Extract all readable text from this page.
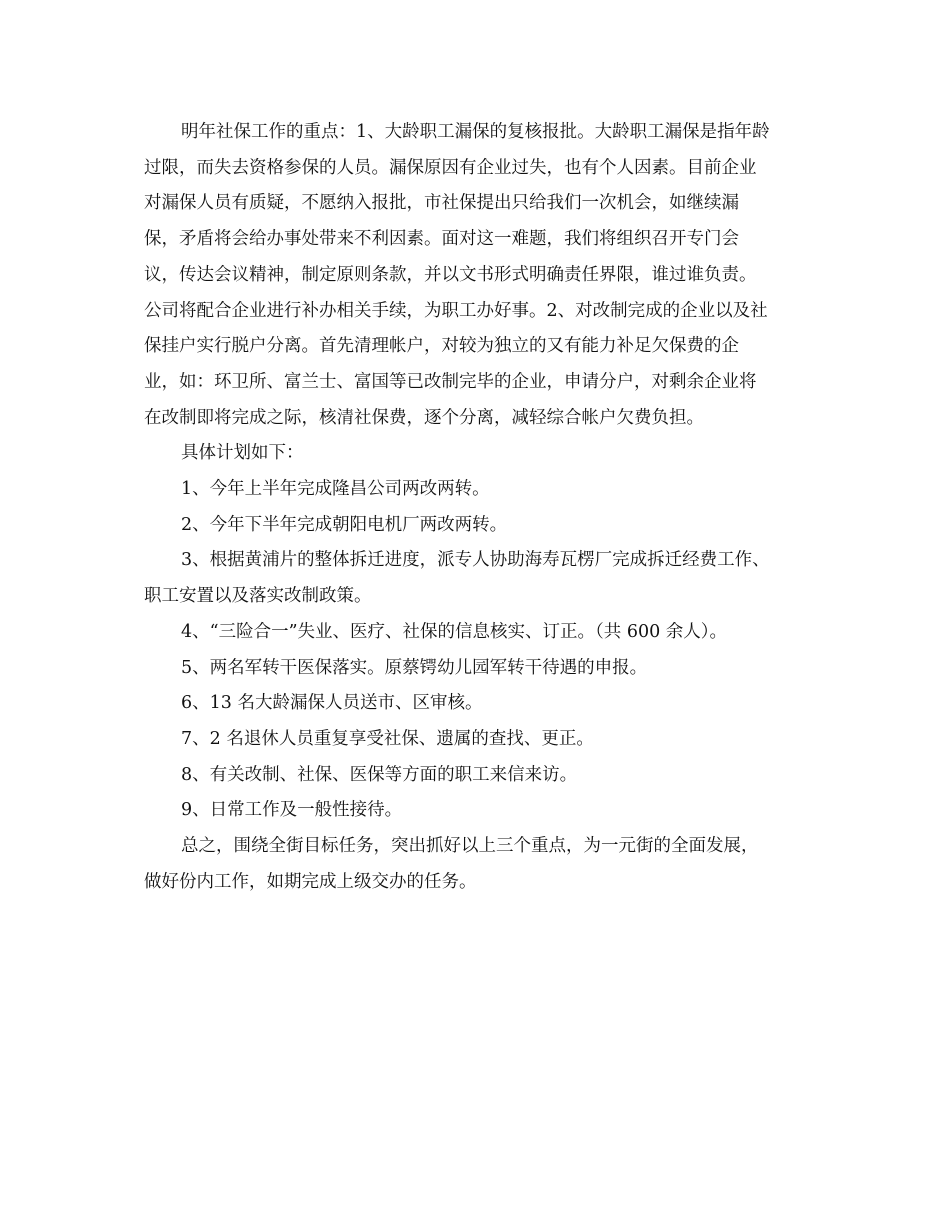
明年社保工作的重点：1、大龄职工漏保的复核报批。大龄职工漏保是指年龄
过限，而失去资格参保的人员。漏保原因有企业过失，也有个人因素。目前企业
对漏保人员有质疑，不愿纳入报批，市社保提出只给我们一次机会，如继续漏
保，矛盾将会给办事处带来不利因素。面对这一难题，我们将组织召开专门会
议，传达会议精神，制定原则条款，并以文书形式明确责任界限，谁过谁负责。
公司将配合企业进行补办相关手续，为职工办好事。2、对改制完成的企业以及社
保挂户实行脱户分离。首先清理帐户，对较为独立的又有能力补足欠保费的企
业，如：环卫所、富兰士、富国等已改制完毕的企业，申请分户，对剩余企业将
在改制即将完成之际，核清社保费，逐个分离，减轻综合帐户欠费负担。

具体计划如下：

1、今年上半年完成隆昌公司两改两转。

2、今年下半年完成朝阳电机厂两改两转。

3、根据黄浦片的整体拆迁进度，派专人协助海寿瓦楞厂完成拆迁经费工作、
职工安置以及落实改制政策。

4、“三险合一”失业、医疗、社保的信息核实、订正。（共 600 余人）。

5、两名军转干医保落实。原蔡锷幼儿园军转干待遇的申报。

6、13 名大龄漏保人员送市、区审核。

7、2 名退休人员重复享受社保、遗属的查找、更正。

8、有关改制、社保、医保等方面的职工来信来访。

9、日常工作及一般性接待。

总之，围绕全街目标任务，突出抓好以上三个重点，为一元街的全面发展，
做好份内工作，如期完成上级交办的任务。
